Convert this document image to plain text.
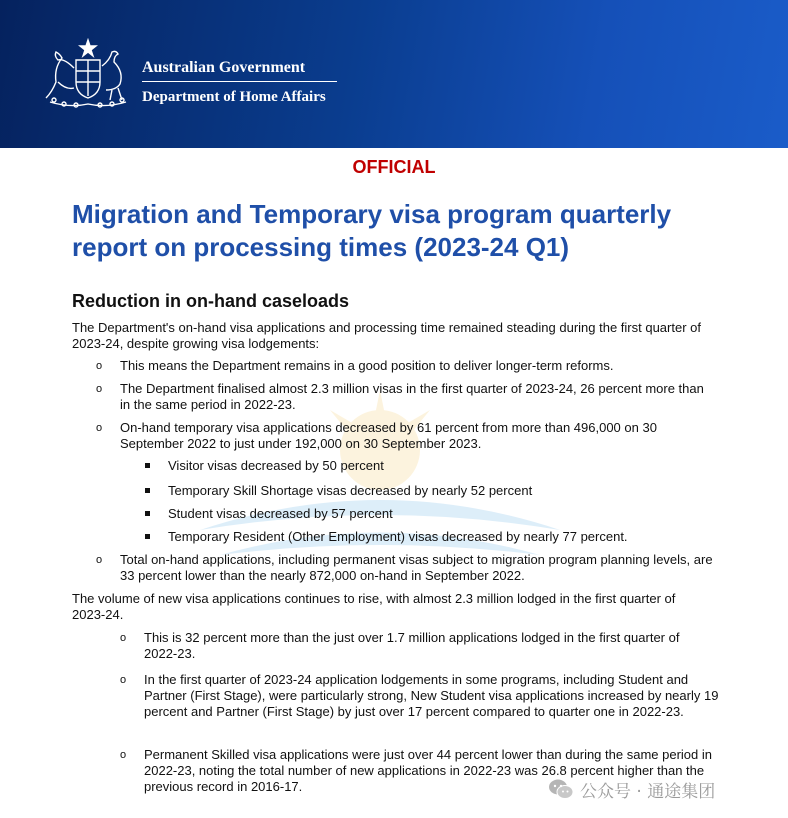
Australian Government
Department of Home Affairs
OFFICIAL
Migration and Temporary visa program quarterly report on processing times (2023-24 Q1)
Reduction in on-hand caseloads

The Department's on-hand visa applications and processing time remained steading during the first quarter of 2023-24, despite growing visa lodgements:

o This means the Department remains in a good position to deliver longer-term reforms.

o The Department finalised almost 2.3 million visas in the first quarter of 2023-24, 26 percent more than in the same period in 2022-23.

o On-hand temporary visa applications decreased by 61 percent from more than 496,000 on 30 September 2022 to just under 192,000 on 30 September 2023.

Visitor visas decreased by 50 percent

Temporary Skill Shortage visas decreased by nearly 52 percent

Student visas decreased by 57 percent

Temporary Resident (Other Employment) visas decreased by nearly 77 percent.

o Total on-hand applications, including permanent visas subject to migration program planning levels, are 33 percent lower than the nearly 872,000 on-hand in September 2022.

The volume of new visa applications continues to rise, with almost 2.3 million lodged in the first quarter of 2023-24.

o This is 32 percent more than the just over 1.7 million applications lodged in the first quarter of 2022-23.

o In the first quarter of 2023-24 application lodgements in some programs, including Student and Partner (First Stage), were particularly strong, New Student visa applications increased by nearly 19 percent and Partner (First Stage) by just over 17 percent compared to quarter one in 2022-23.

o Permanent Skilled visa applications were just over 44 percent lower than during the same period in 2022-23, noting the total number of new applications in 2022-23 was 26.8 percent higher than the previous record in 2016-17.	公众号 · 通途集团
